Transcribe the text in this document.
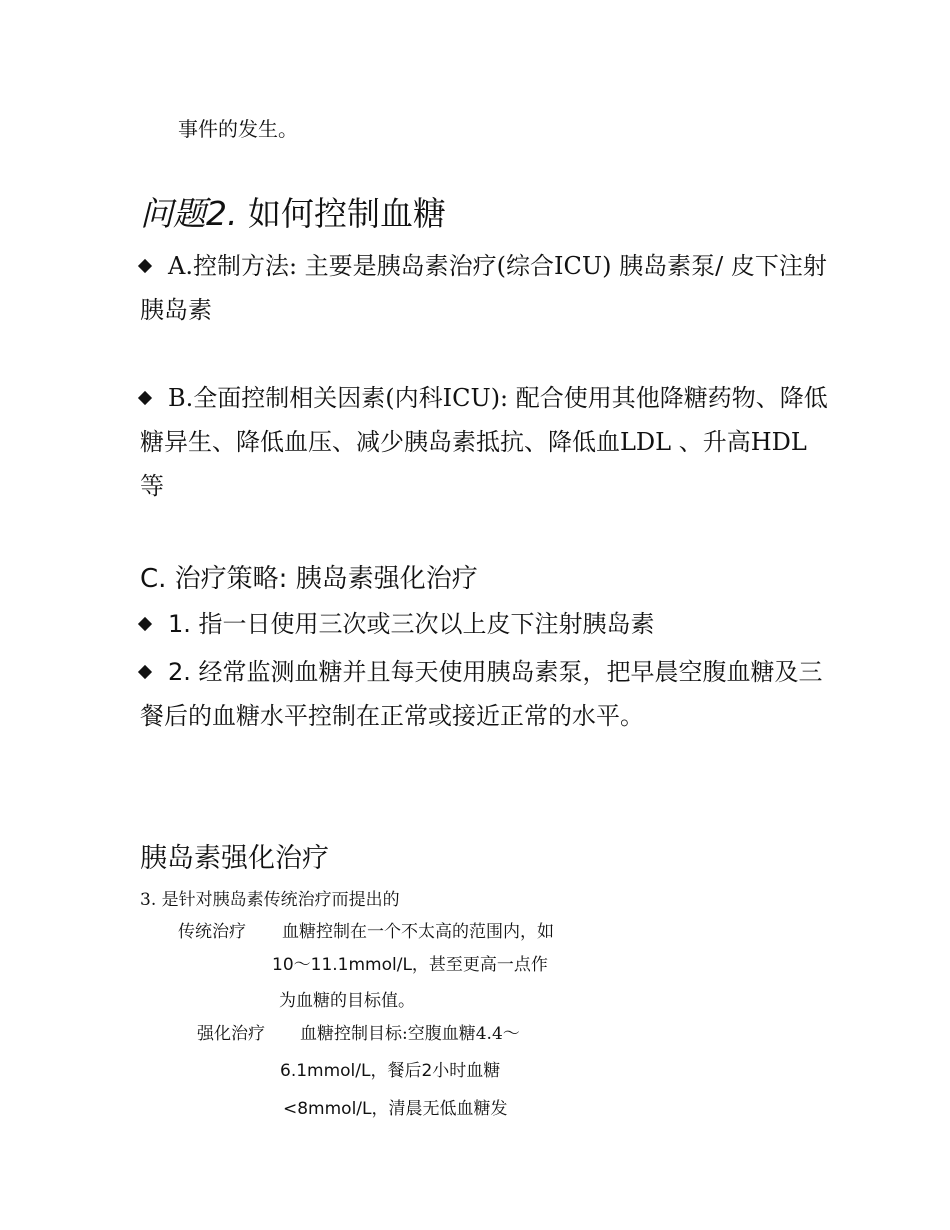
事件的发生。
问题2. 如何控制血糖
A.控制方法: 主要是胰岛素治疗(综合ICU) 胰岛素泵/ 皮下注射胰岛素
B.全面控制相关因素(内科ICU): 配合使用其他降糖药物、降低糖异生、降低血压、减少胰岛素抵抗、降低血LDL 、升高HDL等
C. 治疗策略: 胰岛素强化治疗
1. 指一日使用三次或三次以上皮下注射胰岛素
2. 经常监测血糖并且每天使用胰岛素泵，把早晨空腹血糖及三餐后的血糖水平控制在正常或接近正常的水平。
胰岛素强化治疗
3. 是针对胰岛素传统治疗而提出的
传统治疗 血糖控制在一个不太高的范围内，如
10～11.1mmol/L，甚至更高一点作
为血糖的目标值。
强化治疗 血糖控制目标:空腹血糖4.4～
6.1mmol/L，餐后2小时血糖
<8mmol/L，清晨无低血糖发
